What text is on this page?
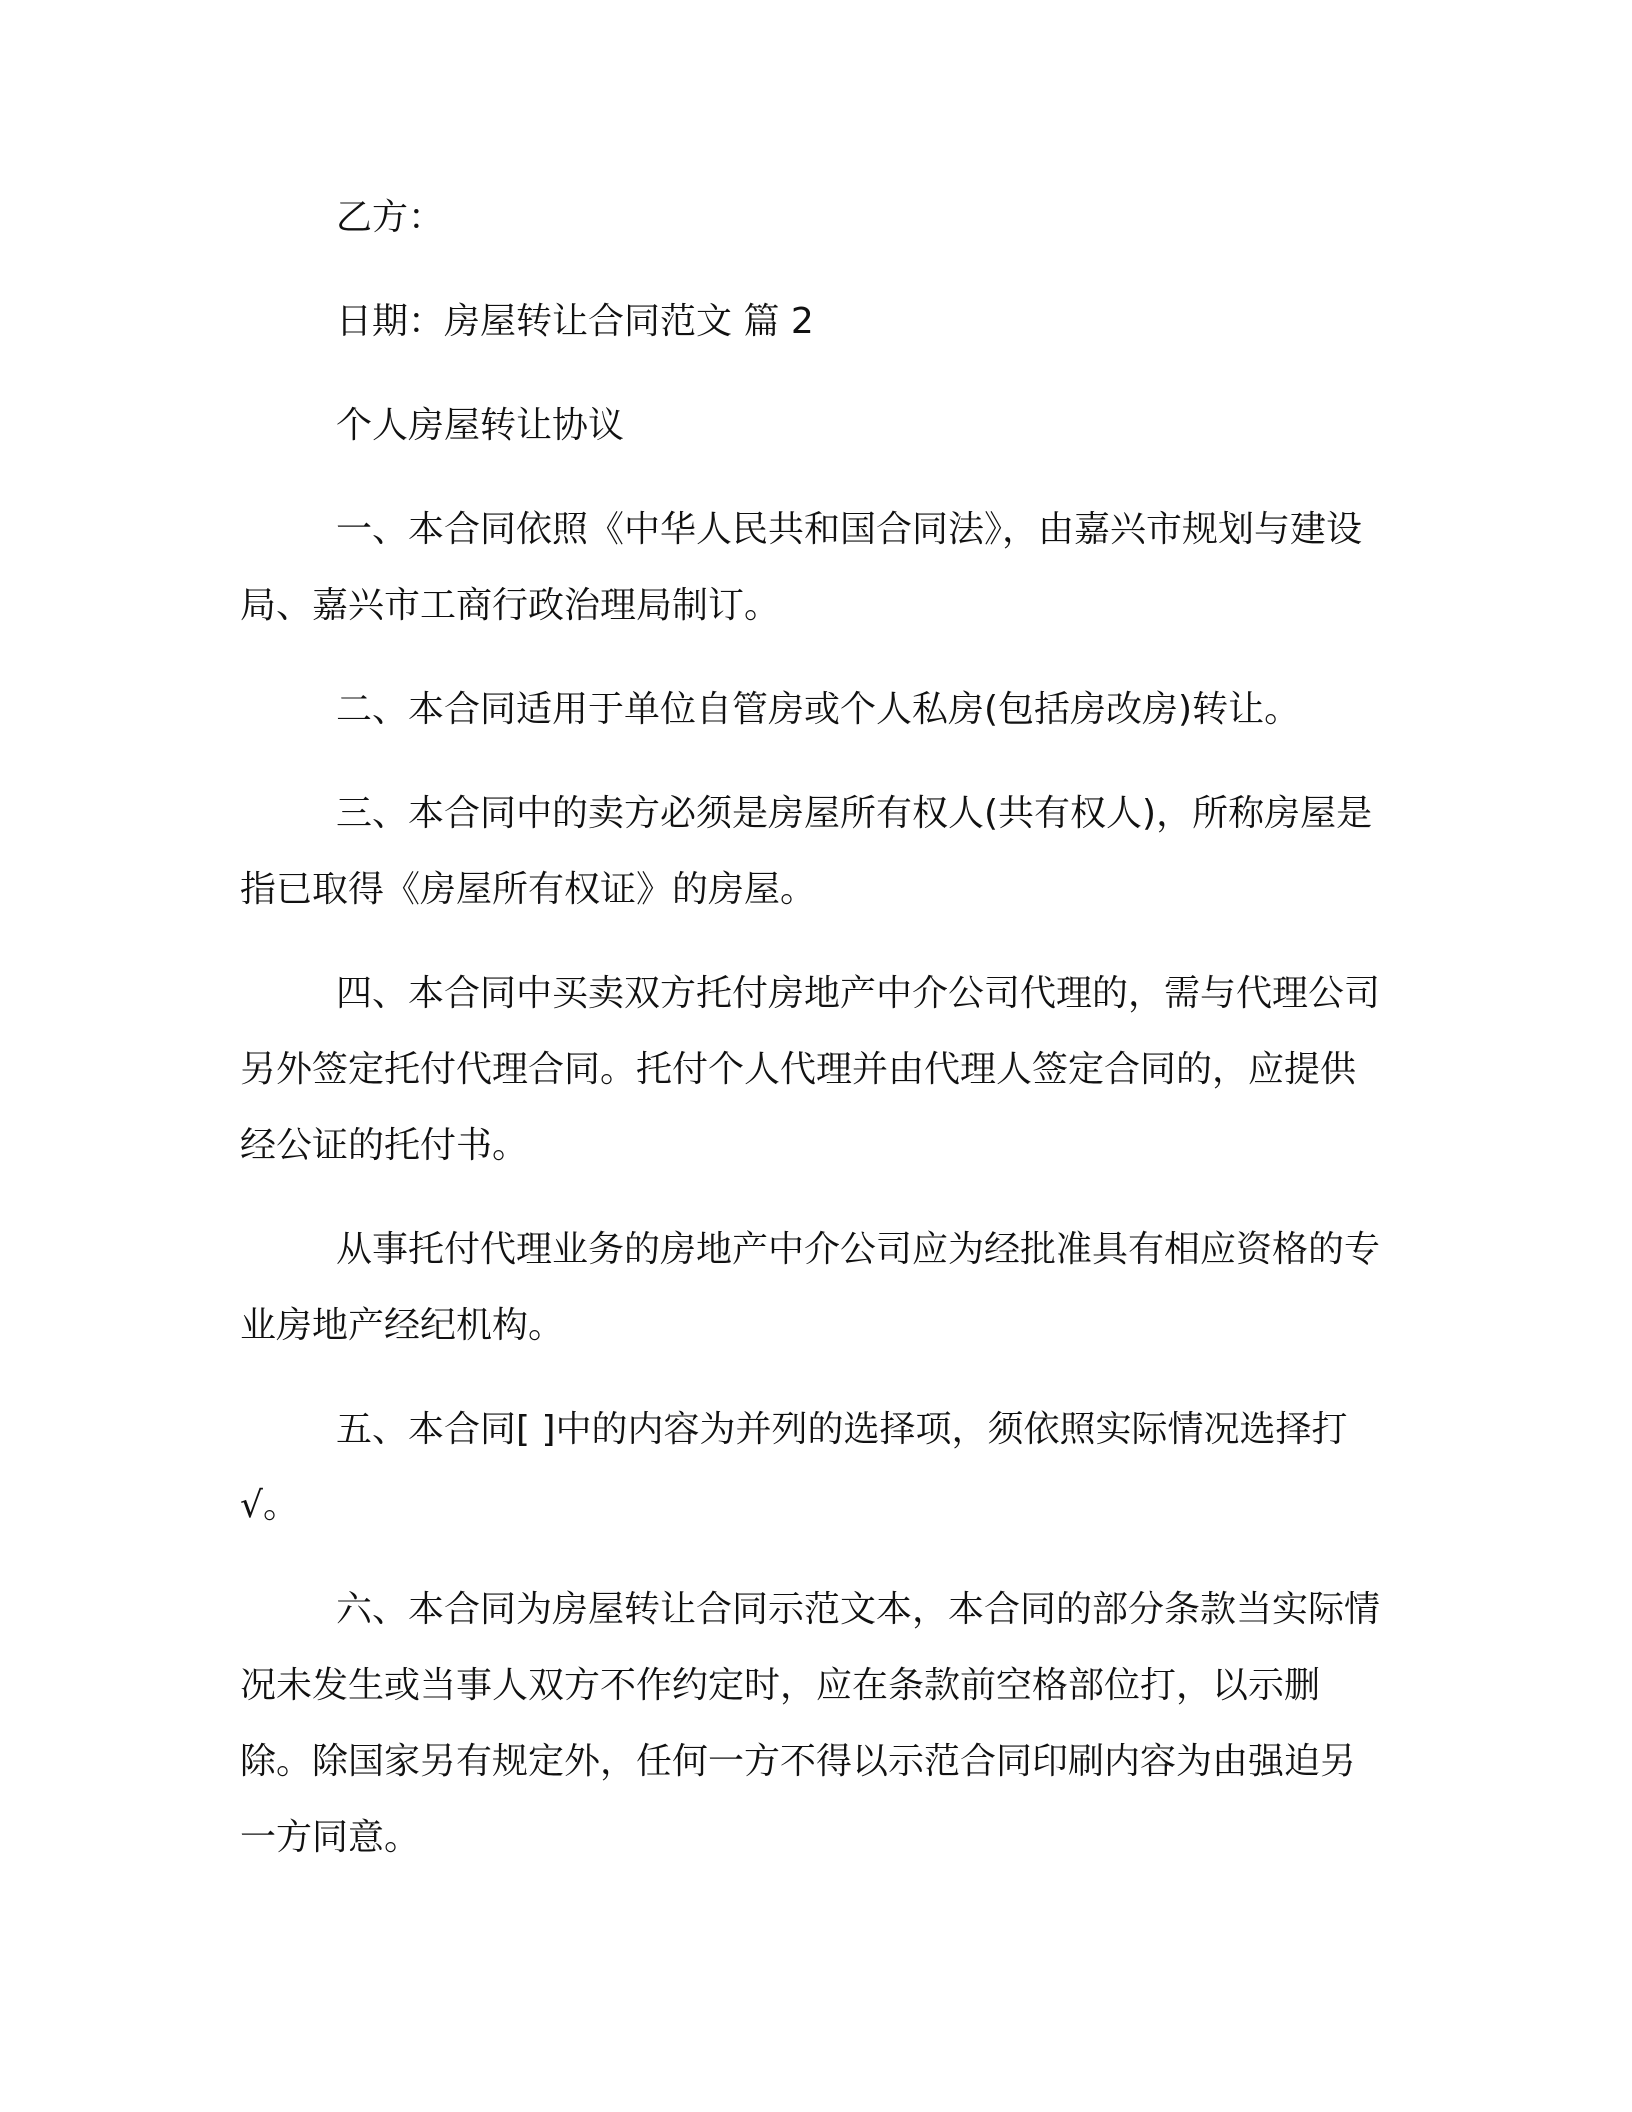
乙方：

日期：房屋转让合同范文 篇 2

个人房屋转让协议

一、本合同依照《中华人民共和国合同法》，由嘉兴市规划与建设局、嘉兴市工商行政治理局制订。

二、本合同适用于单位自管房或个人私房(包括房改房)转让。

三、本合同中的卖方必须是房屋所有权人(共有权人)，所称房屋是指已取得《房屋所有权证》的房屋。

四、本合同中买卖双方托付房地产中介公司代理的，需与代理公司另外签定托付代理合同。托付个人代理并由代理人签定合同的，应提供经公证的托付书。

从事托付代理业务的房地产中介公司应为经批准具有相应资格的专业房地产经纪机构。

五、本合同[ ]中的内容为并列的选择项，须依照实际情况选择打√。

六、本合同为房屋转让合同示范文本，本合同的部分条款当实际情况未发生或当事人双方不作约定时，应在条款前空格部位打，以示删除。除国家另有规定外，任何一方不得以示范合同印刷内容为由强迫另一方同意。
